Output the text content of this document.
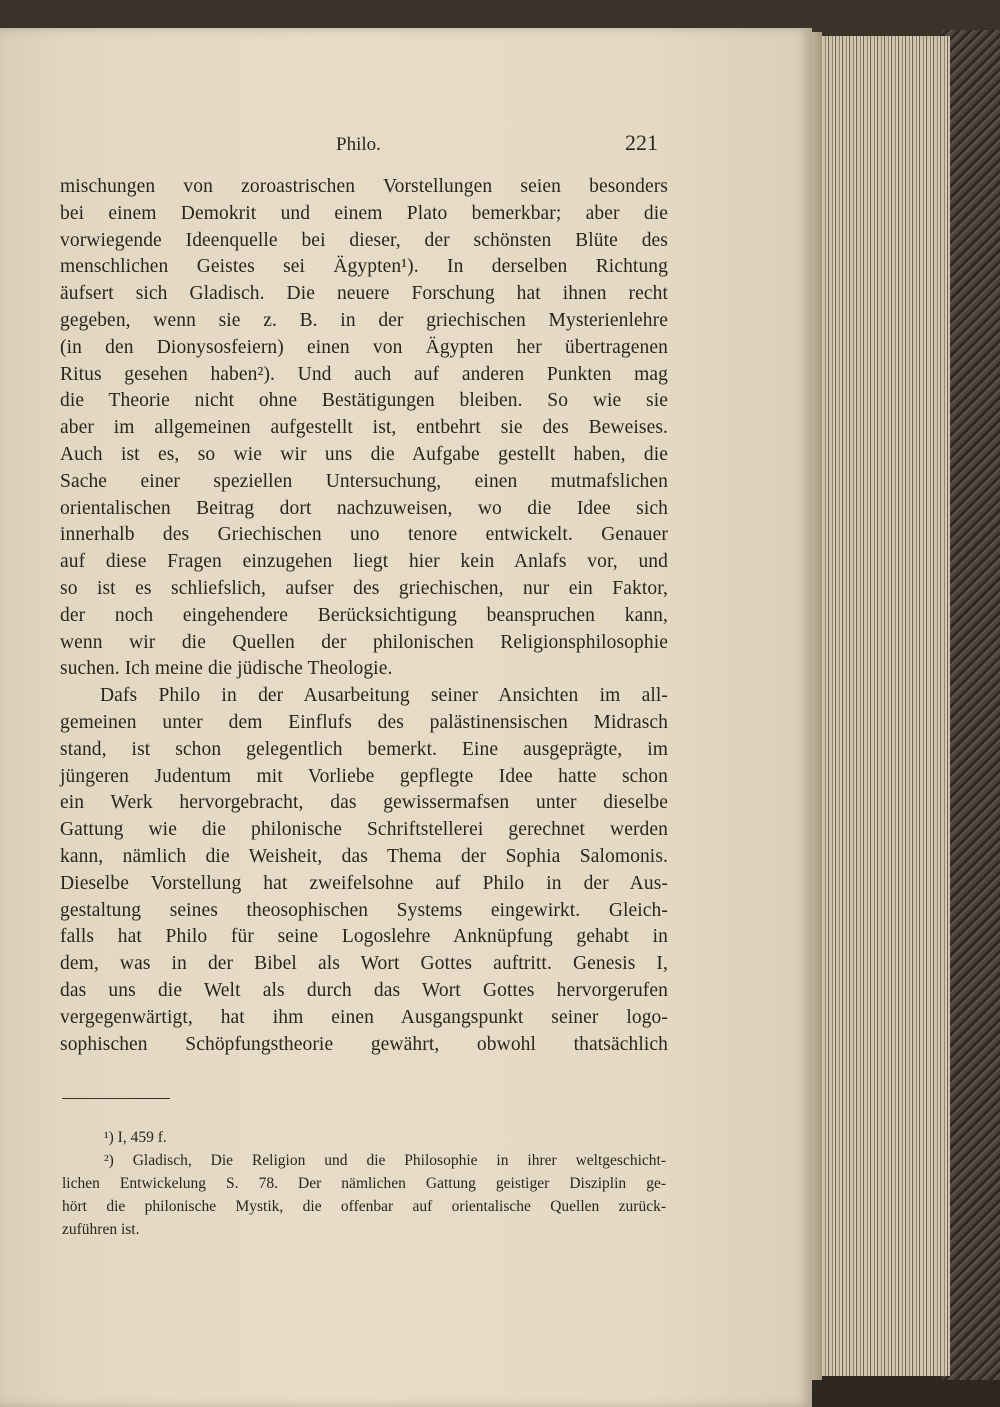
Philo.	221
mischungen von zoroastrischen Vorstellungen seien besonders
bei einem Demokrit und einem Plato bemerkbar; aber die
vorwiegende Ideenquelle bei dieser, der schönsten Blüte des
menschlichen Geistes sei Ägypten¹). In derselben Richtung
äufsert sich Gladisch. Die neuere Forschung hat ihnen recht
gegeben, wenn sie z. B. in der griechischen Mysterienlehre
(in den Dionysosfeiern) einen von Ägypten her übertragenen
Ritus gesehen haben²). Und auch auf anderen Punkten mag
die Theorie nicht ohne Bestätigungen bleiben. So wie sie
aber im allgemeinen aufgestellt ist, entbehrt sie des Beweises.
Auch ist es, so wie wir uns die Aufgabe gestellt haben, die
Sache einer speziellen Untersuchung, einen mutmafslichen
orientalischen Beitrag dort nachzuweisen, wo die Idee sich
innerhalb des Griechischen uno tenore entwickelt. Genauer
auf diese Fragen einzugehen liegt hier kein Anlafs vor, und
so ist es schliefslich, aufser des griechischen, nur ein Faktor,
der noch eingehendere Berücksichtigung beanspruchen kann,
wenn wir die Quellen der philonischen Religionsphilosophie
suchen. Ich meine die jüdische Theologie.
Dafs Philo in der Ausarbeitung seiner Ansichten im all-
gemeinen unter dem Einflufs des palästinensischen Midrasch
stand, ist schon gelegentlich bemerkt. Eine ausgeprägte, im
jüngeren Judentum mit Vorliebe gepflegte Idee hatte schon
ein Werk hervorgebracht, das gewissermafsen unter dieselbe
Gattung wie die philonische Schriftstellerei gerechnet werden
kann, nämlich die Weisheit, das Thema der Sophia Salomonis.
Dieselbe Vorstellung hat zweifelsohne auf Philo in der Aus-
gestaltung seines theosophischen Systems eingewirkt. Gleich-
falls hat Philo für seine Logoslehre Anknüpfung gehabt in
dem, was in der Bibel als Wort Gottes auftritt. Genesis I,
das uns die Welt als durch das Wort Gottes hervorgerufen
vergegenwärtigt, hat ihm einen Ausgangspunkt seiner logo-
sophischen Schöpfungstheorie gewährt, obwohl thatsächlich
¹) I, 459 f.
²) Gladisch, Die Religion und die Philosophie in ihrer weltgeschicht-
lichen Entwickelung S. 78. Der nämlichen Gattung geistiger Disziplin ge-
hört die philonische Mystik, die offenbar auf orientalische Quellen zurück-
zuführen ist.
